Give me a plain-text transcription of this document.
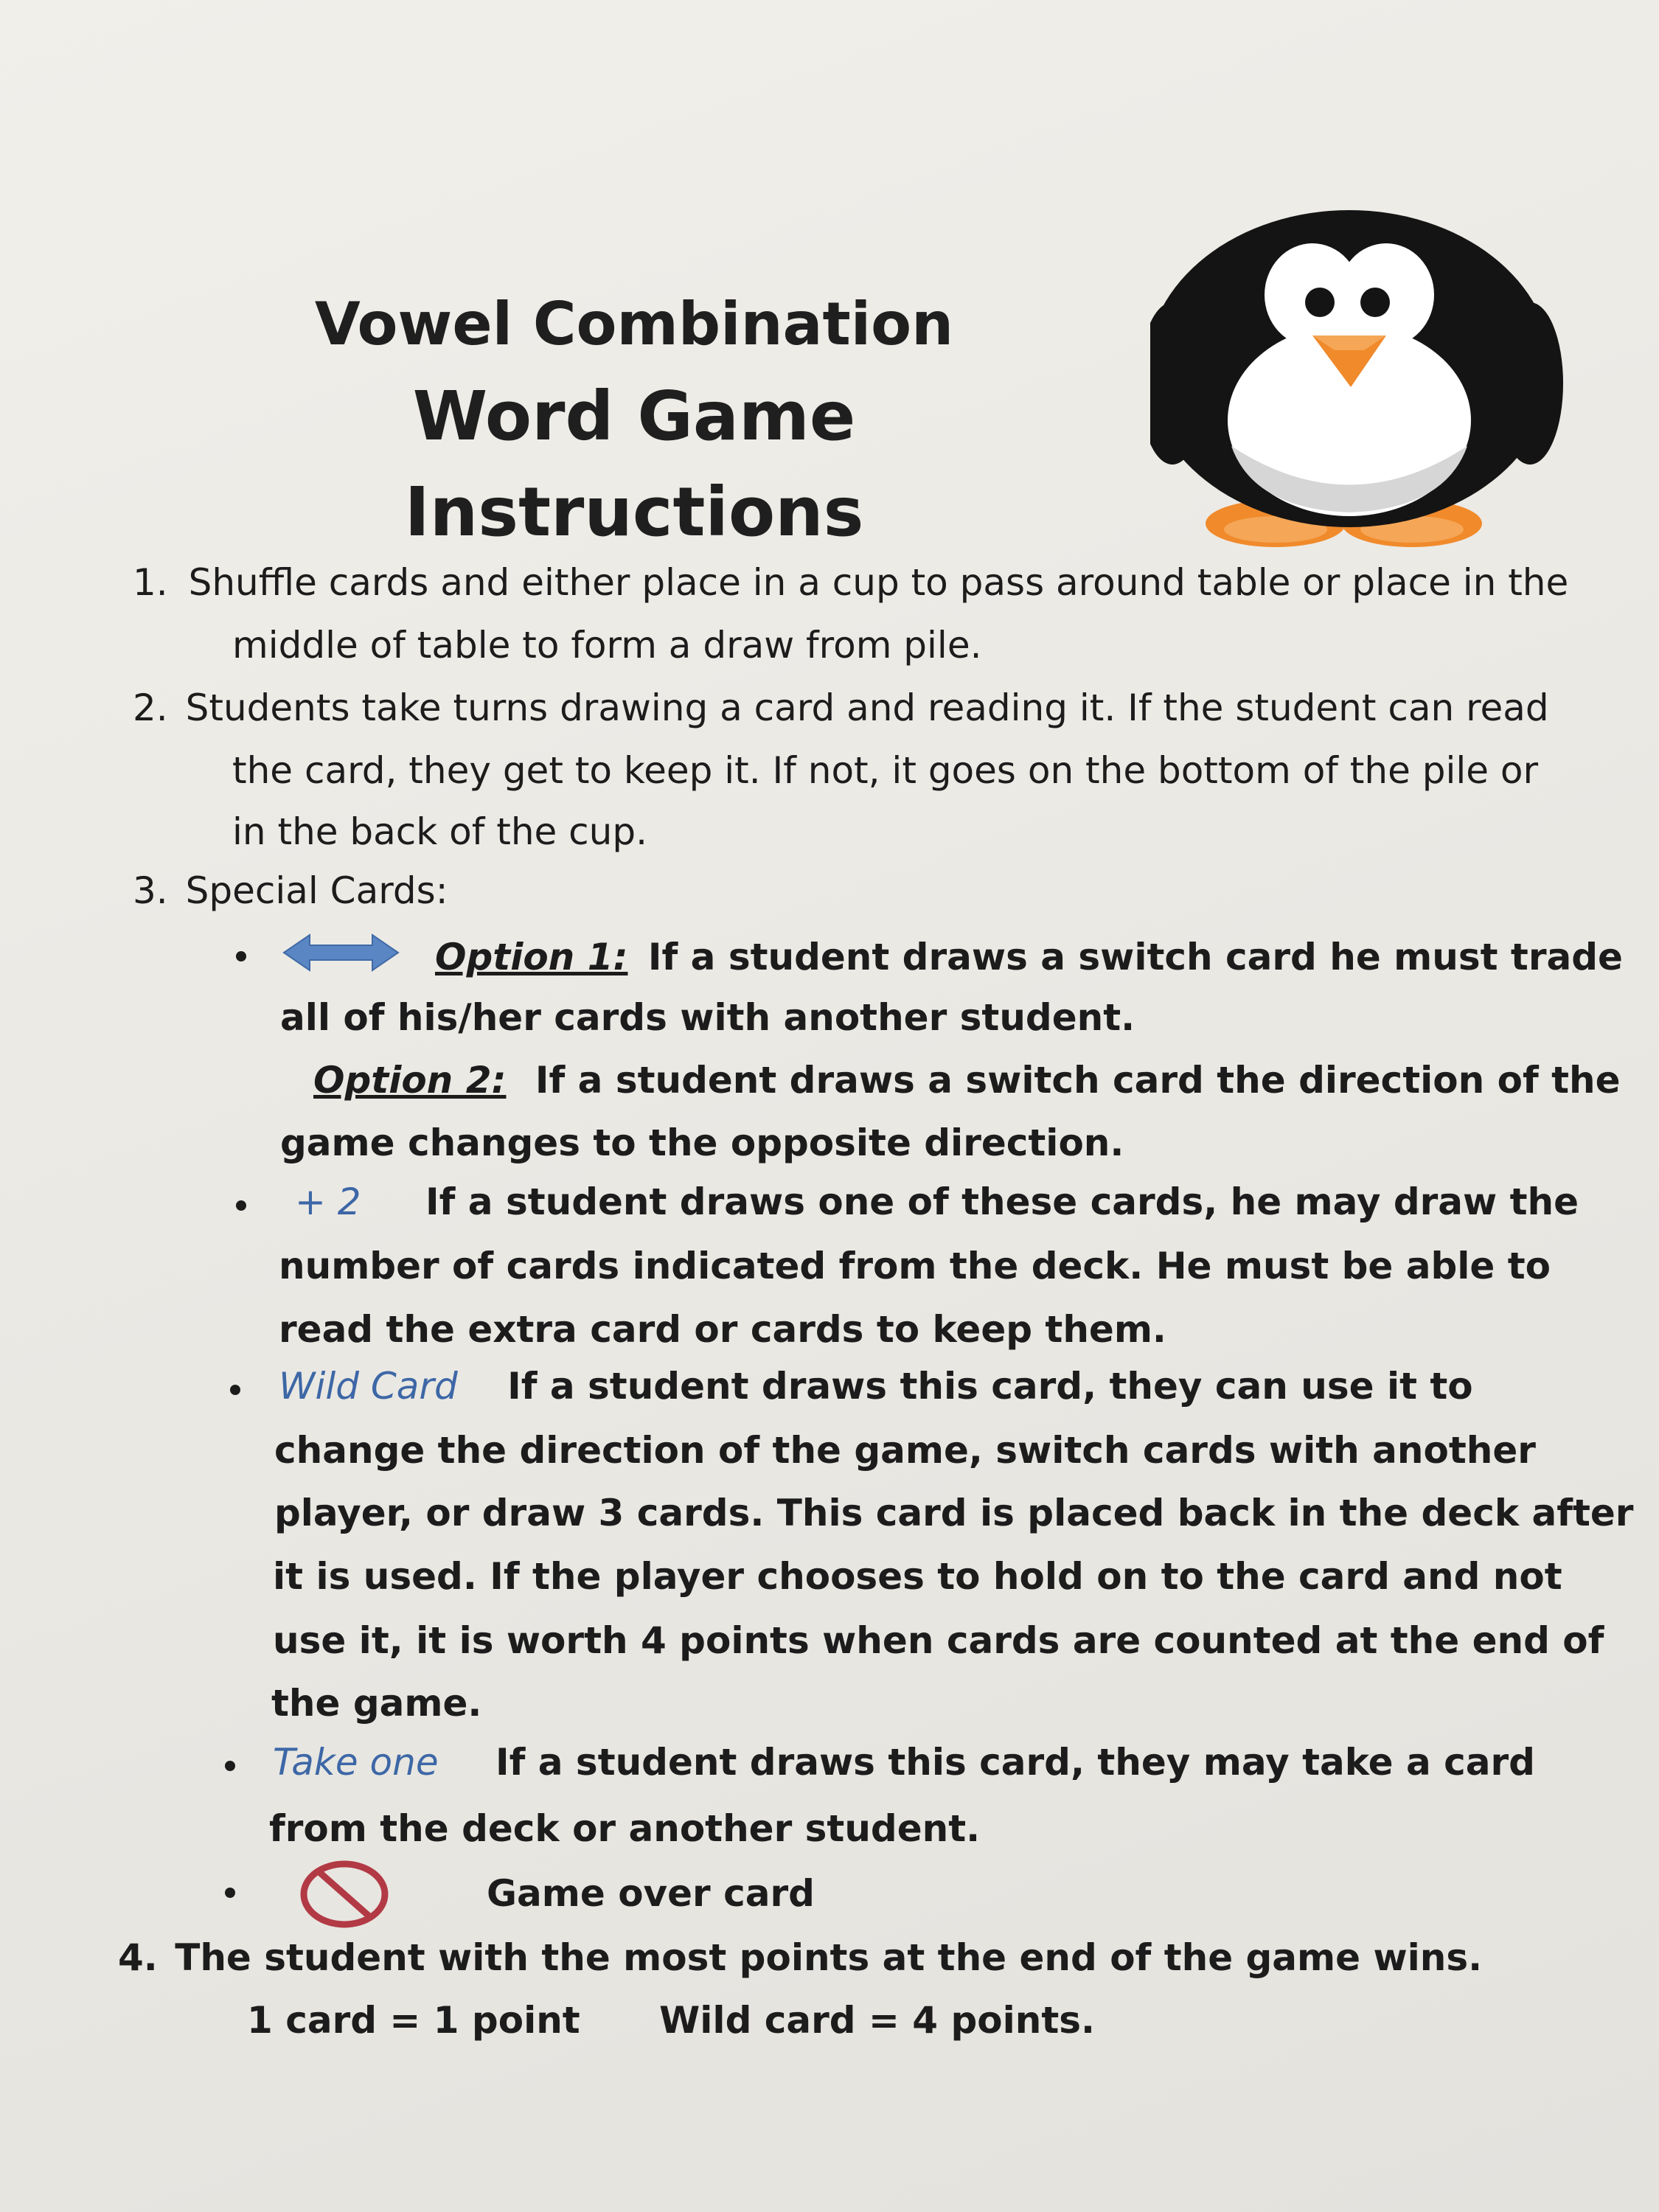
Vowel Combination
Word Game Instructions
1. Shuffle cards and either place in a cup to pass around table or place in the
middle of table to form a draw from pile.
2. Students take turns drawing a card and reading it. If the student can read
the card, they get to keep it. If not, it goes on the bottom of the pile or
in the back of the cup.
3. Special Cards:
Option 1: If a student draws a switch card he must trade
all of his/her cards with another student.
Option 2: If a student draws a switch card the direction of the
game changes to the opposite direction.
+ 2 If a student draws one of these cards, he may draw the
number of cards indicated from the deck. He must be able to
read the extra card or cards to keep them.
Wild Card If a student draws this card, they can use it to
change the direction of the game, switch cards with another
player, or draw 3 cards. This card is placed back in the deck after
it is used. If the player chooses to hold on to the card and not
use it, it is worth 4 points when cards are counted at the end of
the game.
Take one If a student draws this card, they may take a card
from the deck or another student.
Game over card
4. The student with the most points at the end of the game wins.
1 card = 1 point Wild card = 4 points.
